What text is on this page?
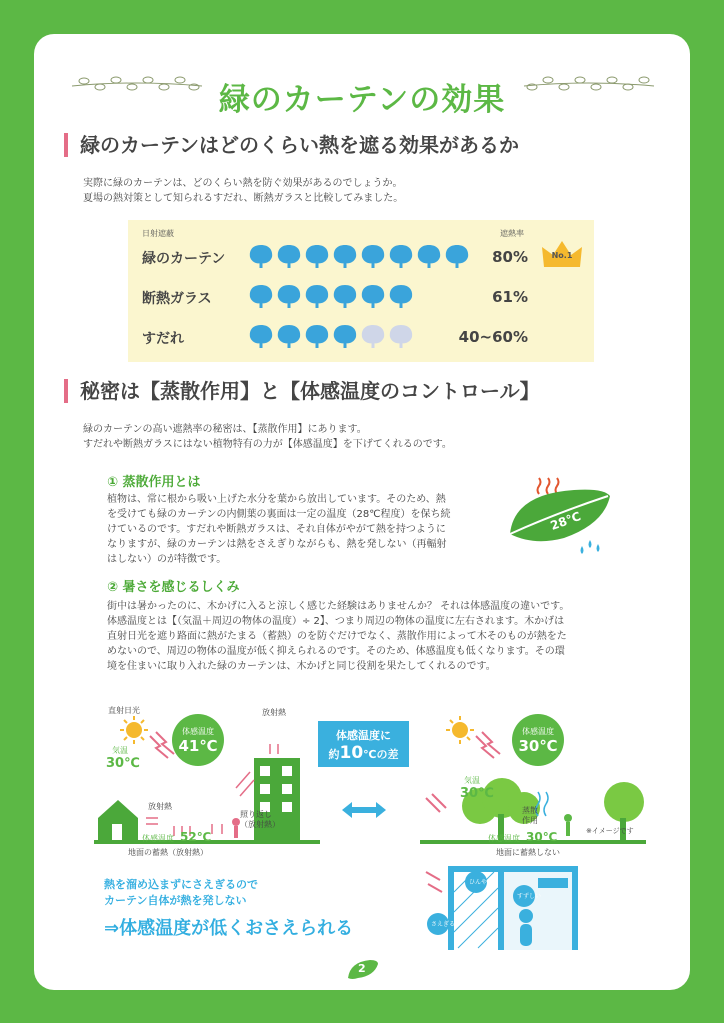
緑のカーテンの効果
緑のカーテンはどのくらい熱を遮る効果があるか
実際に緑のカーテンは、どのくらい熱を防ぐ効果があるのでしょうか。
夏場の熱対策として知られるすだれ、断熱ガラスと比較してみました。
日射遮蔽	遮熱率
緑のカーテン	80%	No.1
断熱ガラス	61%
すだれ	40~60%
秘密は【蒸散作用】と【体感温度のコントロール】
緑のカーテンの高い遮熱率の秘密は、【蒸散作用】にあります。
すだれや断熱ガラスにはない植物特有の力が【体感温度】を下げてくれるのです。
① 蒸散作用とは
植物は、常に根から吸い上げた水分を葉から放出しています。そのため、熱
を受けても緑のカーテンの内側葉の裏面は一定の温度（28℃程度）を保ち続
けているのです。すだれや断熱ガラスは、それ自体がやがて熱を持つように
なりますが、緑のカーテンは熱をさえぎりながらも、熱を発しない（再輻射
はしない）のが特徴です。
28℃
② 暑さを感じるしくみ
街中は暑かったのに、木かげに入ると涼しく感じた経験はありませんか？ それは体感温度の違いです。
体感温度とは【（気温＋周辺の物体の温度）÷ 2】、つまり周辺の物体の温度に左右されます。木かげは
直射日光を遮り路面に熱がたまる（蓄熱）のを防ぐだけでなく、蒸散作用によって木そのものが熱をた
めないので、周辺の物体の温度が低く抑えられるのです。そのため、体感温度も低くなります。その環
境を住まいに取り入れた緑のカーテンは、木かげと同じ役割を果たしてくれるのです。
直射日光
気温
30℃
放射熱
放射熱
照り返し
（放射熱）
地面の蓄熱（放射熱）
体感温度
41℃
体感温度 52℃
体感温度に
約10℃の差
気温
30℃
蒸散
作用
地面に蓄熱しない
体感温度
30℃
体感温度 30℃	※イメージです
熱を溜め込まずにさえぎるので
カーテン自体が熱を発しない
⇒体感温度が低くおさえられる
ひんやり
すずしい
さえぎる
2
